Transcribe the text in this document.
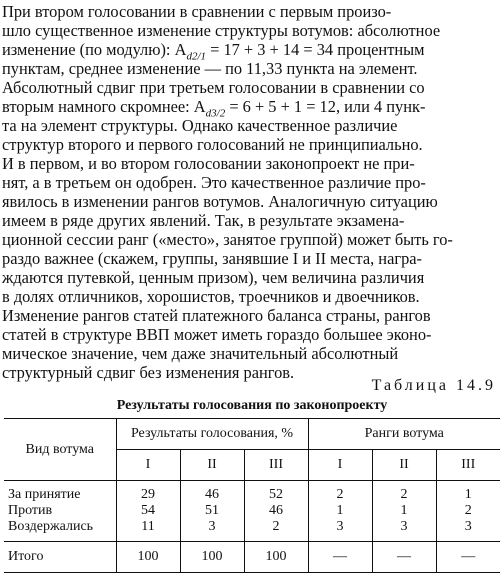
При втором голосовании в сравнении с первым произо-
шло существенное изменение структуры вотумов: абсолютное
изменение (по модулю): $A_{d2/1} = 17 + 3 + 14 = 34$ процентным
пунктам, среднее изменение — по 11,33 пункта на элемент.
Абсолютный сдвиг при третьем голосовании в сравнении со
вторым намного скромнее: $A_{d3/2} = 6 + 5 + 1 = 12$, или 4 пунк-
та на элемент структуры. Однако качественное различие
структур второго и первого голосований не принципиально.
И в первом, и во втором голосовании законопроект не при-
нят, а в третьем он одобрен. Это качественное различие про-
явилось в изменении рангов вотумов. Аналогичную ситуацию
имеем в ряде других явлений. Так, в результате экзамена-
ционной сессии ранг («место», занятое группой) может быть го-
раздо важнее (скажем, группы, занявшие I и II места, награ-
ждаются путевкой, ценным призом), чем величина различия
в долях отличников, хорошистов, троечников и двоечников.
Изменение рангов статей платежного баланса страны, рангов
статей в структуре ВВП может иметь гораздо большее эконо-
мическое значение, чем даже значительный абсолютный
структурный сдвиг без изменения рангов.
Таблица 14.9
Результаты голосования по законопроекту
Вид вотума	Результаты голосования, %			Ранги вотума		
	I	II	III	I	II	III

За принятие	29	46	52	2	2	1
Против	54	51	46	1	1	2
Воздержались	11	3	2	3	3	3

Итого	100	100	100	—	—	—
